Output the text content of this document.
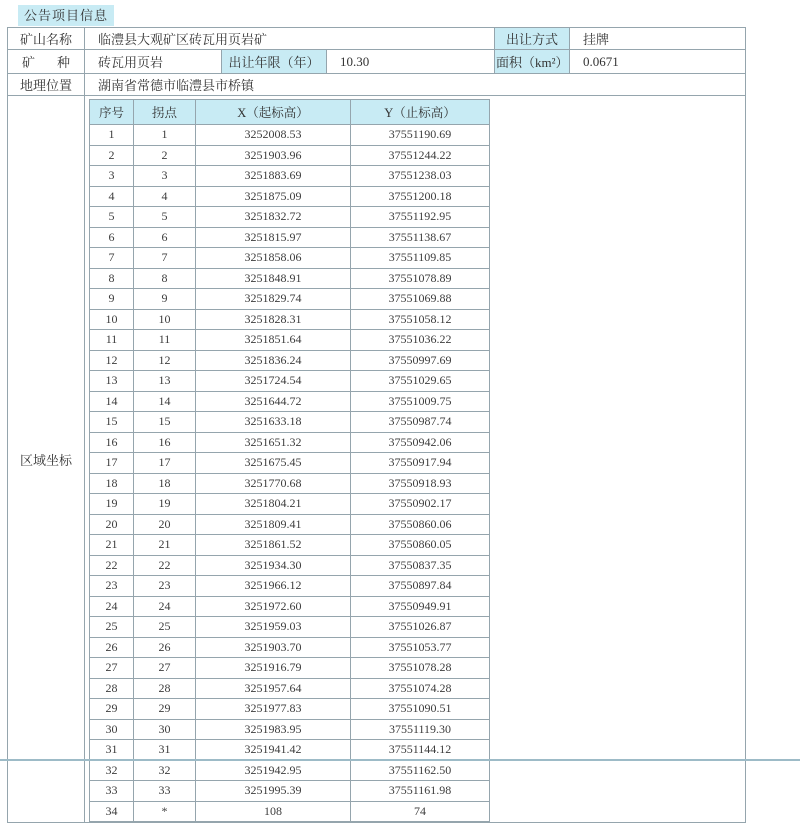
公告项目信息
矿山名称	临澧县大观矿区砖瓦用页岩矿	出让方式	挂牌
矿种	砖瓦用页岩	出让年限（年）	10.30	面积（km²）	0.0671
地理位置	湖南省常德市临澧县市桥镇
区域坐标	
序号	拐点	X（起标高）	Y（止标高）
1	1	3252008.53	37551190.69
2	2	3251903.96	37551244.22
3	3	3251883.69	37551238.03
4	4	3251875.09	37551200.18
5	5	3251832.72	37551192.95
6	6	3251815.97	37551138.67
7	7	3251858.06	37551109.85
8	8	3251848.91	37551078.89
9	9	3251829.74	37551069.88
10	10	3251828.31	37551058.12
11	11	3251851.64	37551036.22
12	12	3251836.24	37550997.69
13	13	3251724.54	37551029.65
14	14	3251644.72	37551009.75
15	15	3251633.18	37550987.74
16	16	3251651.32	37550942.06
17	17	3251675.45	37550917.94
18	18	3251770.68	37550918.93
19	19	3251804.21	37550902.17
20	20	3251809.41	37550860.06
21	21	3251861.52	37550860.05
22	22	3251934.30	37550837.35
23	23	3251966.12	37550897.84
24	24	3251972.60	37550949.91
25	25	3251959.03	37551026.87
26	26	3251903.70	37551053.77
27	27	3251916.79	37551078.28
28	28	3251957.64	37551074.28
29	29	3251977.83	37551090.51
30	30	3251983.95	37551119.30
31	31	3251941.42	37551144.12
32	32	3251942.95	37551162.50
33	33	3251995.39	37551161.98
34	*	108	74
